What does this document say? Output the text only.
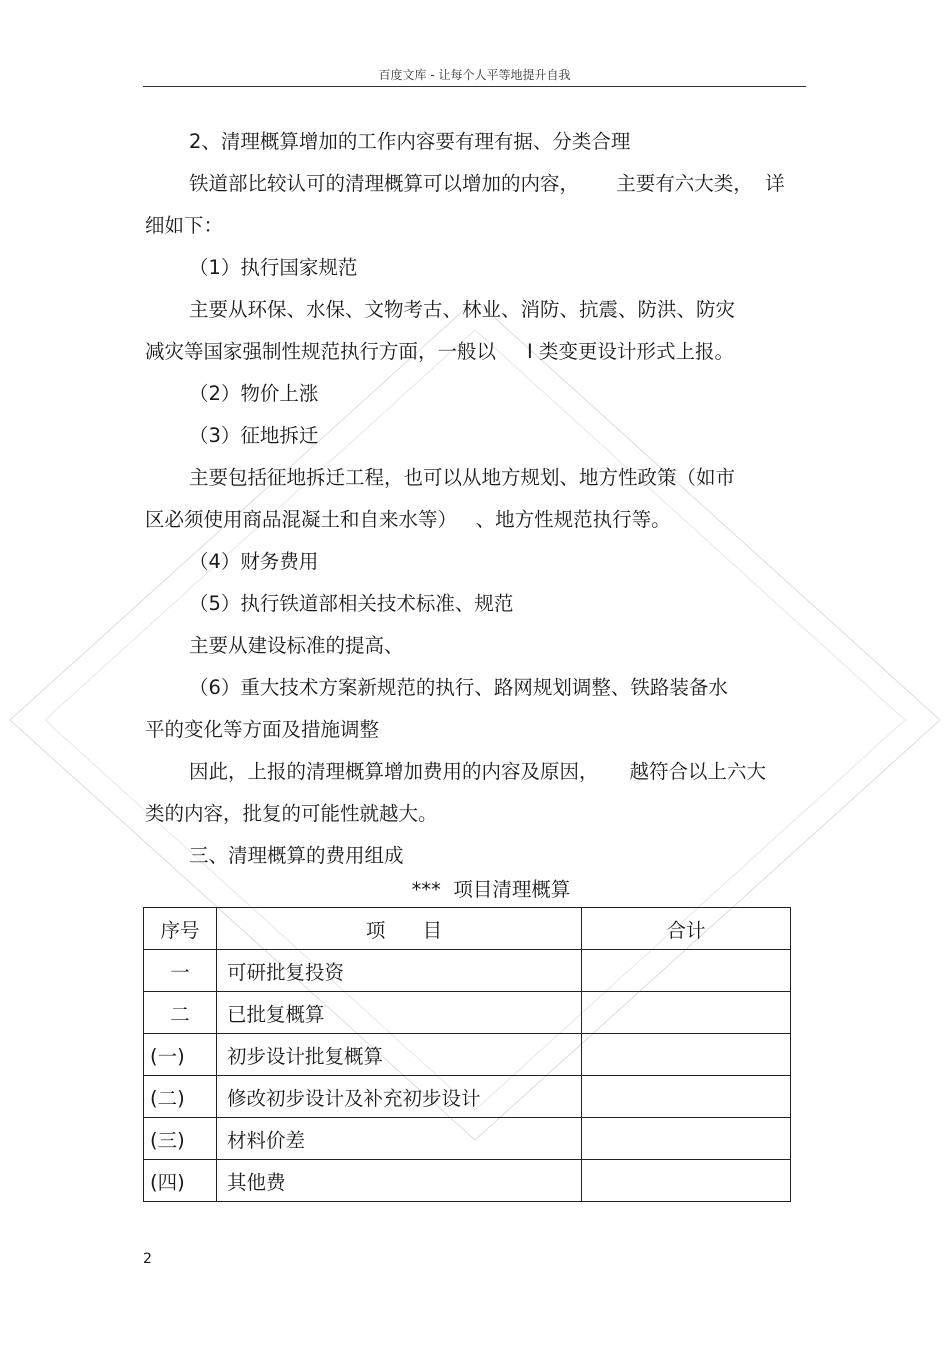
百度文库 - 让每个人平等地提升自我

2、清理概算增加的工作内容要有理有据、分类合理

铁道部比较认可的清理概算可以增加的内容，      主要有六大类，  详

细如下：

（1）执行国家规范

主要从环保、水保、文物考古、林业、消防、抗震、防洪、防灾

减灾等国家强制性规范执行方面，一般以     I 类变更设计形式上报。

（2）物价上涨

（3）征地拆迁

主要包括征地拆迁工程，也可以从地方规划、地方性政策（如市

区必须使用商品混凝土和自来水等）   、地方性规范执行等。

（4）财务费用

（5）执行铁道部相关技术标准、规范

主要从建设标准的提高、

（6）重大技术方案新规范的执行、路网规划调整、铁路装备水

平的变化等方面及措施调整

因此，上报的清理概算增加费用的内容及原因，     越符合以上六大

类的内容，批复的可能性就越大。

三、清理概算的费用组成

***  项目清理概算
序号	项      目	合计
一	可研批复投资	
二	已批复概算	
(一)	初步设计批复概算	
(二)	修改初步设计及补充初步设计	
(三)	材料价差	
(四)	其他费	
2
